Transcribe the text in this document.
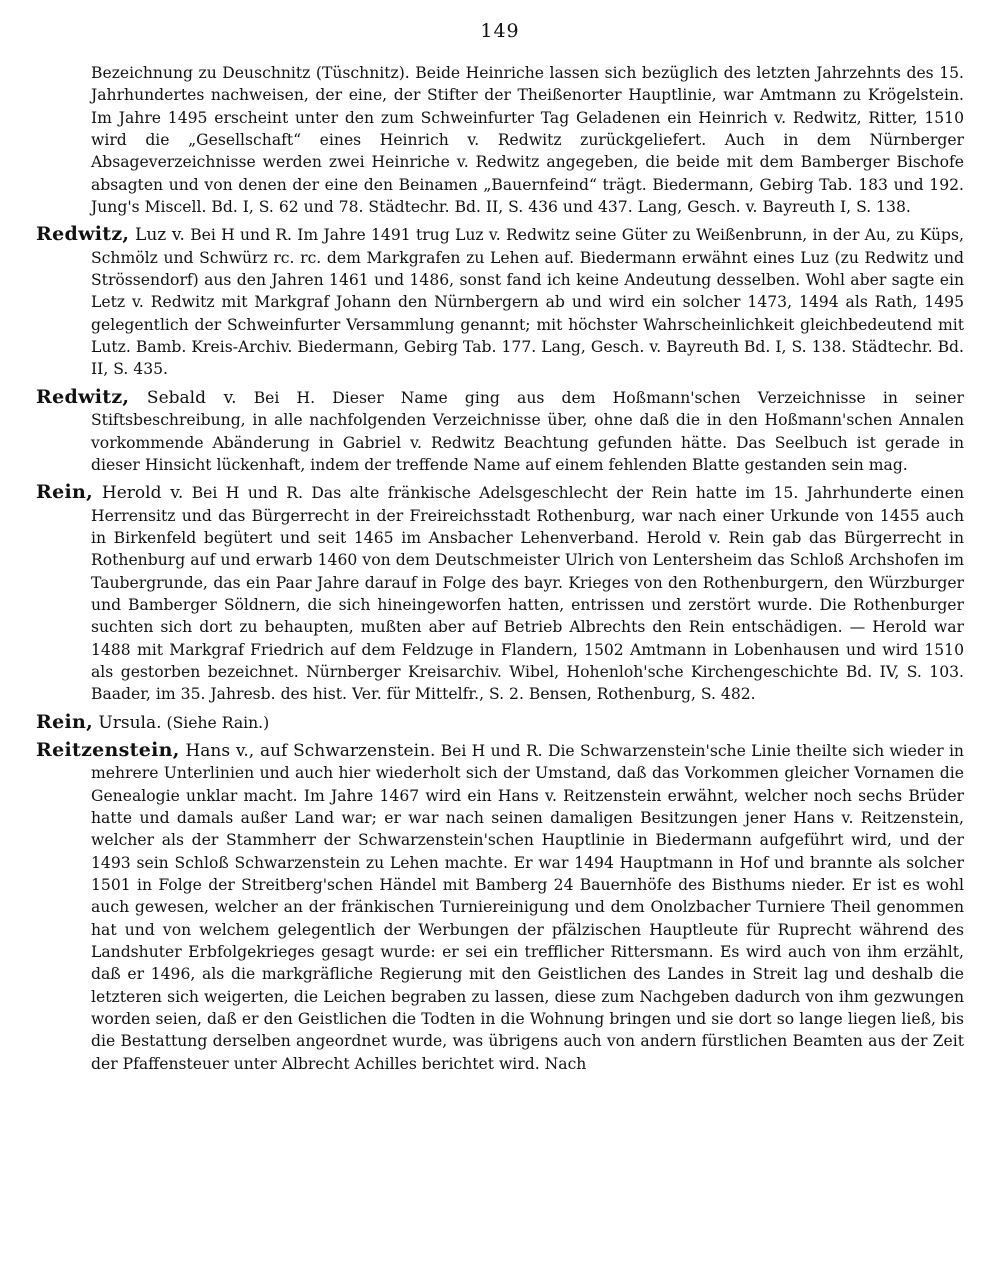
149

Bezeichnung zu Deuschnitz (Tüschnitz). Beide Heinriche lassen sich bezüglich des letzten Jahrzehnts des 15. Jahrhundertes nachweisen, der eine, der Stifter der Theißenorter Hauptlinie, war Amtmann zu Krögelstein. Im Jahre 1495 erscheint unter den zum Schweinfurter Tag Geladenen ein Heinrich v. Redwitz, Ritter, 1510 wird die „Gesellschaft“ eines Heinrich v. Redwitz zurückgeliefert. Auch in dem Nürnberger Absageverzeichnisse werden zwei Heinriche v. Redwitz angegeben, die beide mit dem Bamberger Bischofe absagten und von denen der eine den Beinamen „Bauernfeind“ trägt. Biedermann, Gebirg Tab. 183 und 192. Jung's Miscell. Bd. I, S. 62 und 78. Städtechr. Bd. II, S. 436 und 437. Lang, Gesch. v. Bayreuth I, S. 138.

Redwitz, Luz v. Bei H und R. Im Jahre 1491 trug Luz v. Redwitz seine Güter zu Weißenbrunn, in der Au, zu Küps, Schmölz und Schwürz rc. rc. dem Markgrafen zu Lehen auf. Biedermann erwähnt eines Luz (zu Redwitz und Strössendorf) aus den Jahren 1461 und 1486, sonst fand ich keine Andeutung desselben. Wohl aber sagte ein Letz v. Redwitz mit Markgraf Johann den Nürnbergern ab und wird ein solcher 1473, 1494 als Rath, 1495 gelegentlich der Schweinfurter Versammlung genannt; mit höchster Wahrscheinlichkeit gleichbedeutend mit Lutz. Bamb. Kreis-Archiv. Biedermann, Gebirg Tab. 177. Lang, Gesch. v. Bayreuth Bd. I, S. 138. Städtechr. Bd. II, S. 435.

Redwitz, Sebald v. Bei H. Dieser Name ging aus dem Hoßmann'schen Verzeichnisse in seiner Stiftsbeschreibung, in alle nachfolgenden Verzeichnisse über, ohne daß die in den Hoßmann'schen Annalen vorkommende Abänderung in Gabriel v. Redwitz Beachtung gefunden hätte. Das Seelbuch ist gerade in dieser Hinsicht lückenhaft, indem der treffende Name auf einem fehlenden Blatte gestanden sein mag.

Rein, Herold v. Bei H und R. Das alte fränkische Adelsgeschlecht der Rein hatte im 15. Jahrhunderte einen Herrensitz und das Bürgerrecht in der Freireichsstadt Rothenburg, war nach einer Urkunde von 1455 auch in Birkenfeld begütert und seit 1465 im Ansbacher Lehenverband. Herold v. Rein gab das Bürgerrecht in Rothenburg auf und erwarb 1460 von dem Deutschmeister Ulrich von Lentersheim das Schloß Archshofen im Taubergrunde, das ein Paar Jahre darauf in Folge des bayr. Krieges von den Rothenburgern, den Würzburger und Bamberger Söldnern, die sich hineingeworfen hatten, entrissen und zerstört wurde. Die Rothenburger suchten sich dort zu behaupten, mußten aber auf Betrieb Albrechts den Rein entschädigen. — Herold war 1488 mit Markgraf Friedrich auf dem Feldzuge in Flandern, 1502 Amtmann in Lobenhausen und wird 1510 als gestorben bezeichnet. Nürnberger Kreisarchiv. Wibel, Hohenloh'sche Kirchengeschichte Bd. IV, S. 103. Baader, im 35. Jahresb. des hist. Ver. für Mittelfr., S. 2. Bensen, Rothenburg, S. 482.

Rein, Ursula. (Siehe Rain.)

Reitzenstein, Hans v., auf Schwarzenstein. Bei H und R. Die Schwarzenstein'sche Linie theilte sich wieder in mehrere Unterlinien und auch hier wiederholt sich der Umstand, daß das Vorkommen gleicher Vornamen die Genealogie unklar macht. Im Jahre 1467 wird ein Hans v. Reitzenstein erwähnt, welcher noch sechs Brüder hatte und damals außer Land war; er war nach seinen damaligen Besitzungen jener Hans v. Reitzenstein, welcher als der Stammherr der Schwarzenstein'schen Hauptlinie in Biedermann aufgeführt wird, und der 1493 sein Schloß Schwarzenstein zu Lehen machte. Er war 1494 Hauptmann in Hof und brannte als solcher 1501 in Folge der Streitberg'schen Händel mit Bamberg 24 Bauernhöfe des Bisthums nieder. Er ist es wohl auch gewesen, welcher an der fränkischen Turniereinigung und dem Onolzbacher Turniere Theil genommen hat und von welchem gelegentlich der Werbungen der pfälzischen Hauptleute für Ruprecht während des Landshuter Erbfolgekrieges gesagt wurde: er sei ein trefflicher Rittersmann. Es wird auch von ihm erzählt, daß er 1496, als die markgräfliche Regierung mit den Geistlichen des Landes in Streit lag und deshalb die letzteren sich weigerten, die Leichen begraben zu lassen, diese zum Nachgeben dadurch von ihm gezwungen worden seien, daß er den Geistlichen die Todten in die Wohnung bringen und sie dort so lange liegen ließ, bis die Bestattung derselben angeordnet wurde, was übrigens auch von andern fürstlichen Beamten aus der Zeit der Pfaffensteuer unter Albrecht Achilles berichtet wird. Nach
